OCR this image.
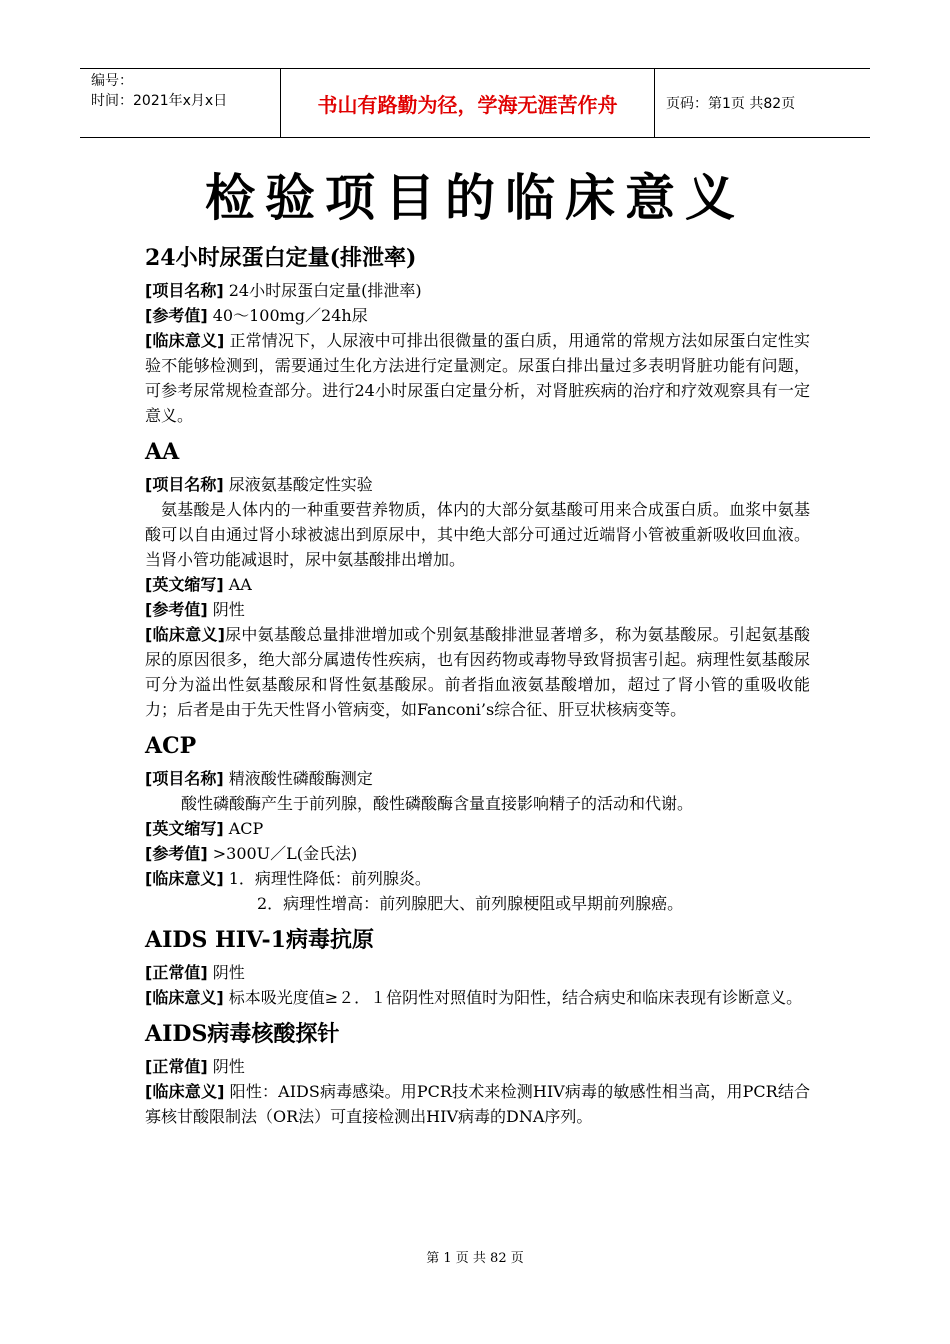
编号：
时间：2021年x月x日	书山有路勤为径，学海无涯苦作舟	页码：第1页 共82页
检验项目的临床意义
24小时尿蛋白定量(排泄率)

[项目名称] 24小时尿蛋白定量(排泄率)

[参考值] 40～100mg／24h尿

[临床意义] 正常情况下，人尿液中可排出很微量的蛋白质，用通常的常规方法如尿蛋白定性实验不能够检测到，需要通过生化方法进行定量测定。尿蛋白排出量过多表明肾脏功能有问题，可参考尿常规检查部分。进行24小时尿蛋白定量分析，对肾脏疾病的治疗和疗效观察具有一定意义。

AA

[项目名称] 尿液氨基酸定性实验

氨基酸是人体内的一种重要营养物质，体内的大部分氨基酸可用来合成蛋白质。血浆中氨基酸可以自由通过肾小球被滤出到原尿中，其中绝大部分可通过近端肾小管被重新吸收回血液。当肾小管功能减退时，尿中氨基酸排出增加。

[英文缩写] AA

[参考值] 阴性

[临床意义]尿中氨基酸总量排泄增加或个别氨基酸排泄显著增多，称为氨基酸尿。引起氨基酸尿的原因很多，绝大部分属遗传性疾病，也有因药物或毒物导致肾损害引起。病理性氨基酸尿可分为溢出性氨基酸尿和肾性氨基酸尿。前者指血液氨基酸增加，超过了肾小管的重吸收能力；后者是由于先天性肾小管病变，如Fanconi’s综合征、肝豆状核病变等。

ACP

[项目名称] 精液酸性磷酸酶测定

酸性磷酸酶产生于前列腺，酸性磷酸酶含量直接影响精子的活动和代谢。

[英文缩写] ACP

[参考值] >300U／L(金氏法)

[临床意义] 1．病理性降低：前列腺炎。

2．病理性增高：前列腺肥大、前列腺梗阻或早期前列腺癌。

AIDS HIV-1病毒抗原

[正常值] 阴性

[临床意义] 标本吸光度值≥２．１倍阴性对照值时为阳性，结合病史和临床表现有诊断意义。

AIDS病毒核酸探针

[正常值] 阴性

[临床意义] 阳性：AIDS病毒感染。用PCR技术来检测HIV病毒的敏感性相当高，用PCR结合寡核甘酸限制法（OR法）可直接检测出HIV病毒的DNA序列。

第 1 页 共 82 页
